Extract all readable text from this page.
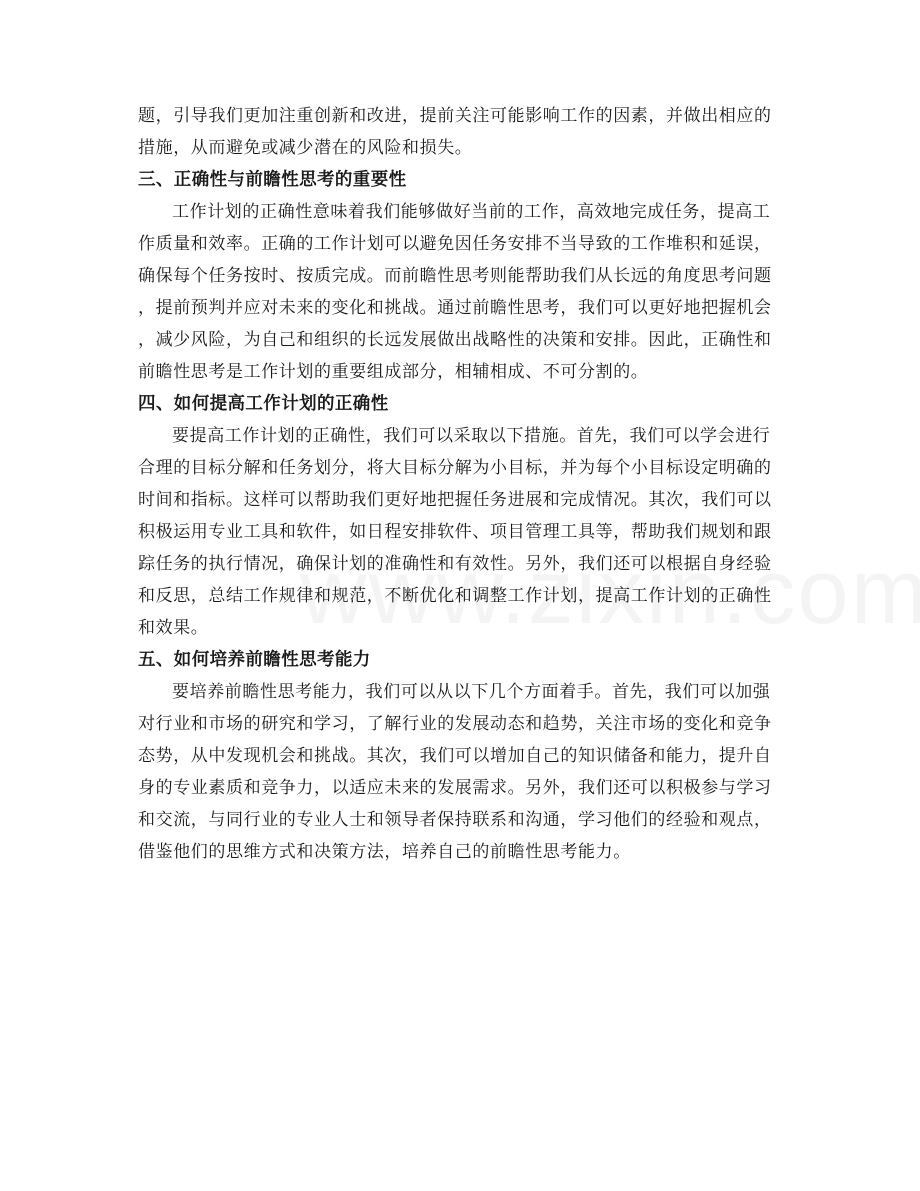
题，引导我们更加注重创新和改进，提前关注可能影响工作的因素，并做出相应的
措施，从而避免或减少潜在的风险和损失。

三、正确性与前瞻性思考的重要性

工作计划的正确性意味着我们能够做好当前的工作，高效地完成任务，提高工
作质量和效率。正确的工作计划可以避免因任务安排不当导致的工作堆积和延误，
确保每个任务按时、按质完成。而前瞻性思考则能帮助我们从长远的角度思考问题
，提前预判并应对未来的变化和挑战。通过前瞻性思考，我们可以更好地把握机会
，减少风险，为自己和组织的长远发展做出战略性的决策和安排。因此，正确性和
前瞻性思考是工作计划的重要组成部分，相辅相成、不可分割的。

四、如何提高工作计划的正确性

要提高工作计划的正确性，我们可以采取以下措施。首先，我们可以学会进行
合理的目标分解和任务划分，将大目标分解为小目标，并为每个小目标设定明确的
时间和指标。这样可以帮助我们更好地把握任务进展和完成情况。其次，我们可以
积极运用专业工具和软件，如日程安排软件、项目管理工具等，帮助我们规划和跟
踪任务的执行情况，确保计划的准确性和有效性。另外，我们还可以根据自身经验
和反思，总结工作规律和规范，不断优化和调整工作计划，提高工作计划的正确性
和效果。

五、如何培养前瞻性思考能力

要培养前瞻性思考能力，我们可以从以下几个方面着手。首先，我们可以加强
对行业和市场的研究和学习，了解行业的发展动态和趋势，关注市场的变化和竞争
态势，从中发现机会和挑战。其次，我们可以增加自己的知识储备和能力，提升自
身的专业素质和竞争力，以适应未来的发展需求。另外，我们还可以积极参与学习
和交流，与同行业的专业人士和领导者保持联系和沟通，学习他们的经验和观点，
借鉴他们的思维方式和决策方法，培养自己的前瞻性思考能力。
